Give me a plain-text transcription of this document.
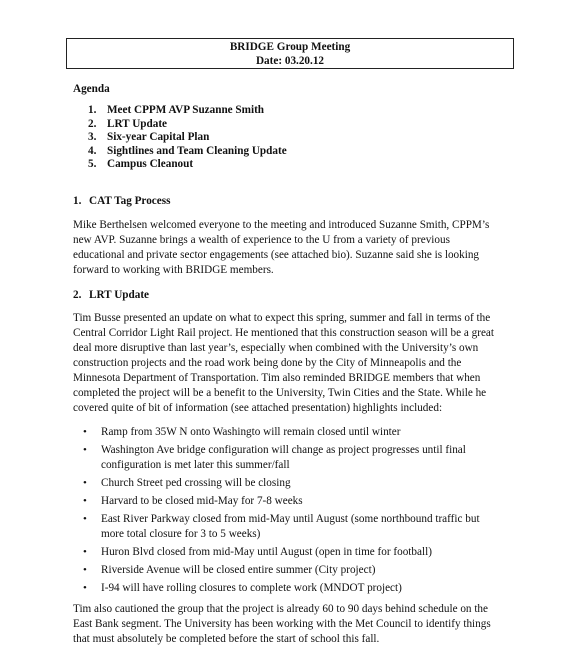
BRIDGE Group Meeting
Date: 03.20.12
Agenda
1. Meet CPPM AVP Suzanne Smith
2. LRT Update
3. Six-year Capital Plan
4. Sightlines and Team Cleaning Update
5. Campus Cleanout
1. CAT Tag Process

Mike Berthelsen welcomed everyone to the meeting and introduced Suzanne Smith, CPPM’s new AVP. Suzanne brings a wealth of experience to the U from a variety of previous educational and private sector engagements (see attached bio). Suzanne said she is looking forward to working with BRIDGE members.

2. LRT Update

Tim Busse presented an update on what to expect this spring, summer and fall in terms of the Central Corridor Light Rail project. He mentioned that this construction season will be a great deal more disruptive than last year’s, especially when combined with the University’s own construction projects and the road work being done by the City of Minneapolis and the Minnesota Department of Transportation. Tim also reminded BRIDGE members that when completed the project will be a benefit to the University, Twin Cities and the State. While he covered quite of bit of information (see attached presentation) highlights included:

• Ramp from 35W N onto Washingto will remain closed until winter
• Washington Ave bridge configuration will change as project progresses until final configuration is met later this summer/fall
• Church Street ped crossing will be closing
• Harvard to be closed mid-May for 7-8 weeks
• East River Parkway closed from mid-May until August (some northbound traffic but more total closure for 3 to 5 weeks)
• Huron Blvd closed from mid-May until August (open in time for football)
• Riverside Avenue will be closed entire summer (City project)
• I-94 will have rolling closures to complete work (MNDOT project)

Tim also cautioned the group that the project is already 60 to 90 days behind schedule on the East Bank segment. The University has been working with the Met Council to identify things that must absolutely be completed before the start of school this fall.
